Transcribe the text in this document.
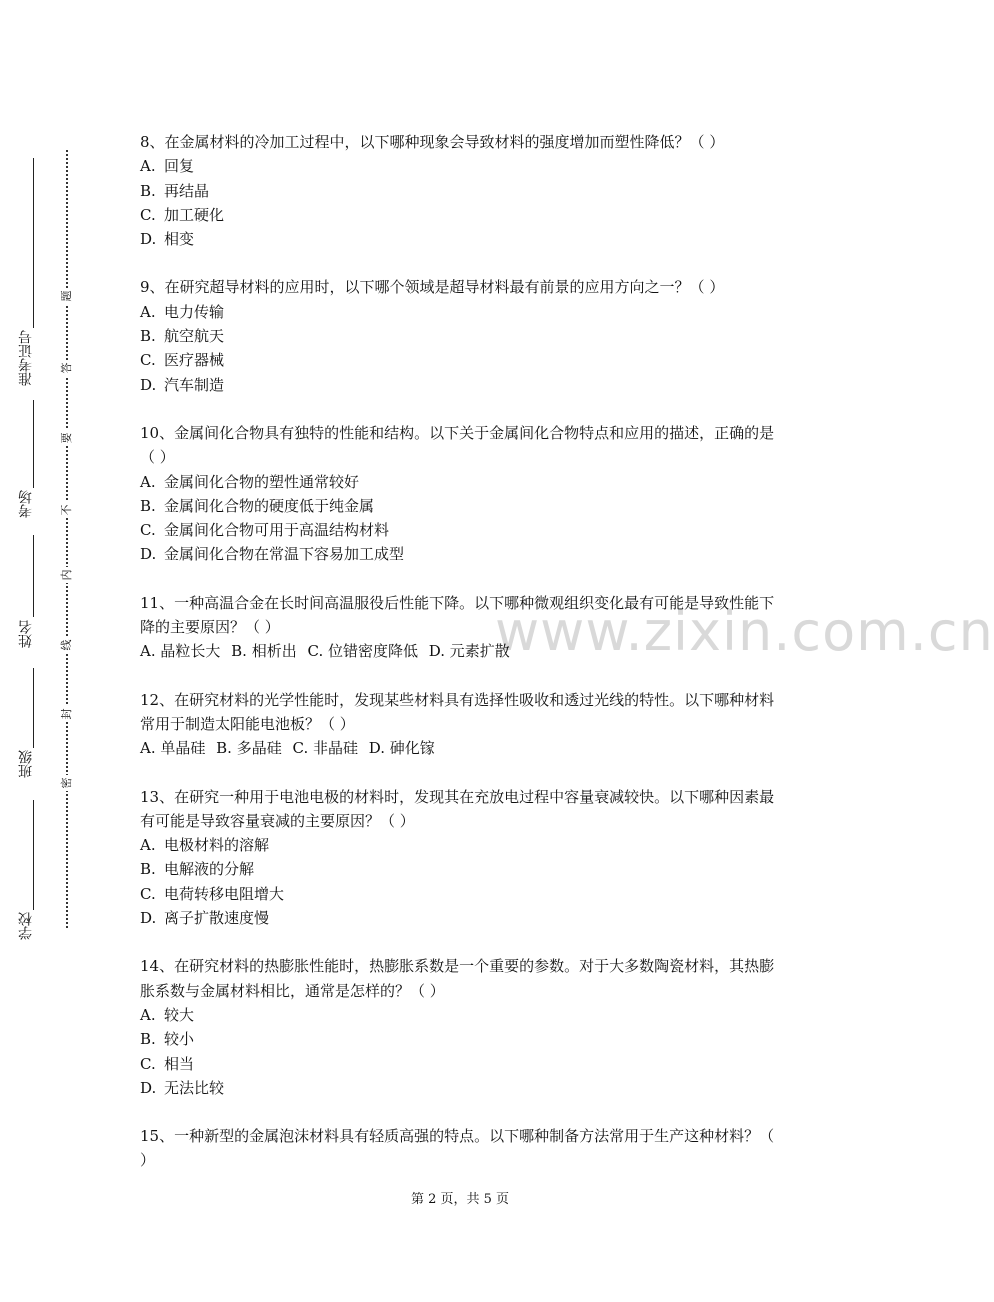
准考证号
考场
姓名
班级
学校
题
答
要
不
内
线
封
密
www.zixin.com.cn

8、在金属材料的冷加工过程中，以下哪种现象会导致材料的强度增加而塑性降低？（ ）

A. 回复

B. 再结晶

C. 加工硬化

D. 相变

9、在研究超导材料的应用时，以下哪个领域是超导材料最有前景的应用方向之一？（ ）

A. 电力传输

B. 航空航天

C. 医疗器械

D. 汽车制造

10、金属间化合物具有独特的性能和结构。以下关于金属间化合物特点和应用的描述，正确的是（ ）

A. 金属间化合物的塑性通常较好

B. 金属间化合物的硬度低于纯金属

C. 金属间化合物可用于高温结构材料

D. 金属间化合物在常温下容易加工成型

11、一种高温合金在长时间高温服役后性能下降。以下哪种微观组织变化最有可能是导致性能下降的主要原因？（ ）

A. 晶粒长大 B. 相析出 C. 位错密度降低 D. 元素扩散

12、在研究材料的光学性能时，发现某些材料具有选择性吸收和透过光线的特性。以下哪种材料常用于制造太阳能电池板？（ ）

A. 单晶硅 B. 多晶硅 C. 非晶硅 D. 砷化镓

13、在研究一种用于电池电极的材料时，发现其在充放电过程中容量衰减较快。以下哪种因素最有可能是导致容量衰减的主要原因？（ ）

A. 电极材料的溶解

B. 电解液的分解

C. 电荷转移电阻增大

D. 离子扩散速度慢

14、在研究材料的热膨胀性能时，热膨胀系数是一个重要的参数。对于大多数陶瓷材料，其热膨胀系数与金属材料相比，通常是怎样的？（ ）

A. 较大

B. 较小

C. 相当

D. 无法比较

15、一种新型的金属泡沫材料具有轻质高强的特点。以下哪种制备方法常用于生产这种材料？（ ）

第 2 页，共 5 页
